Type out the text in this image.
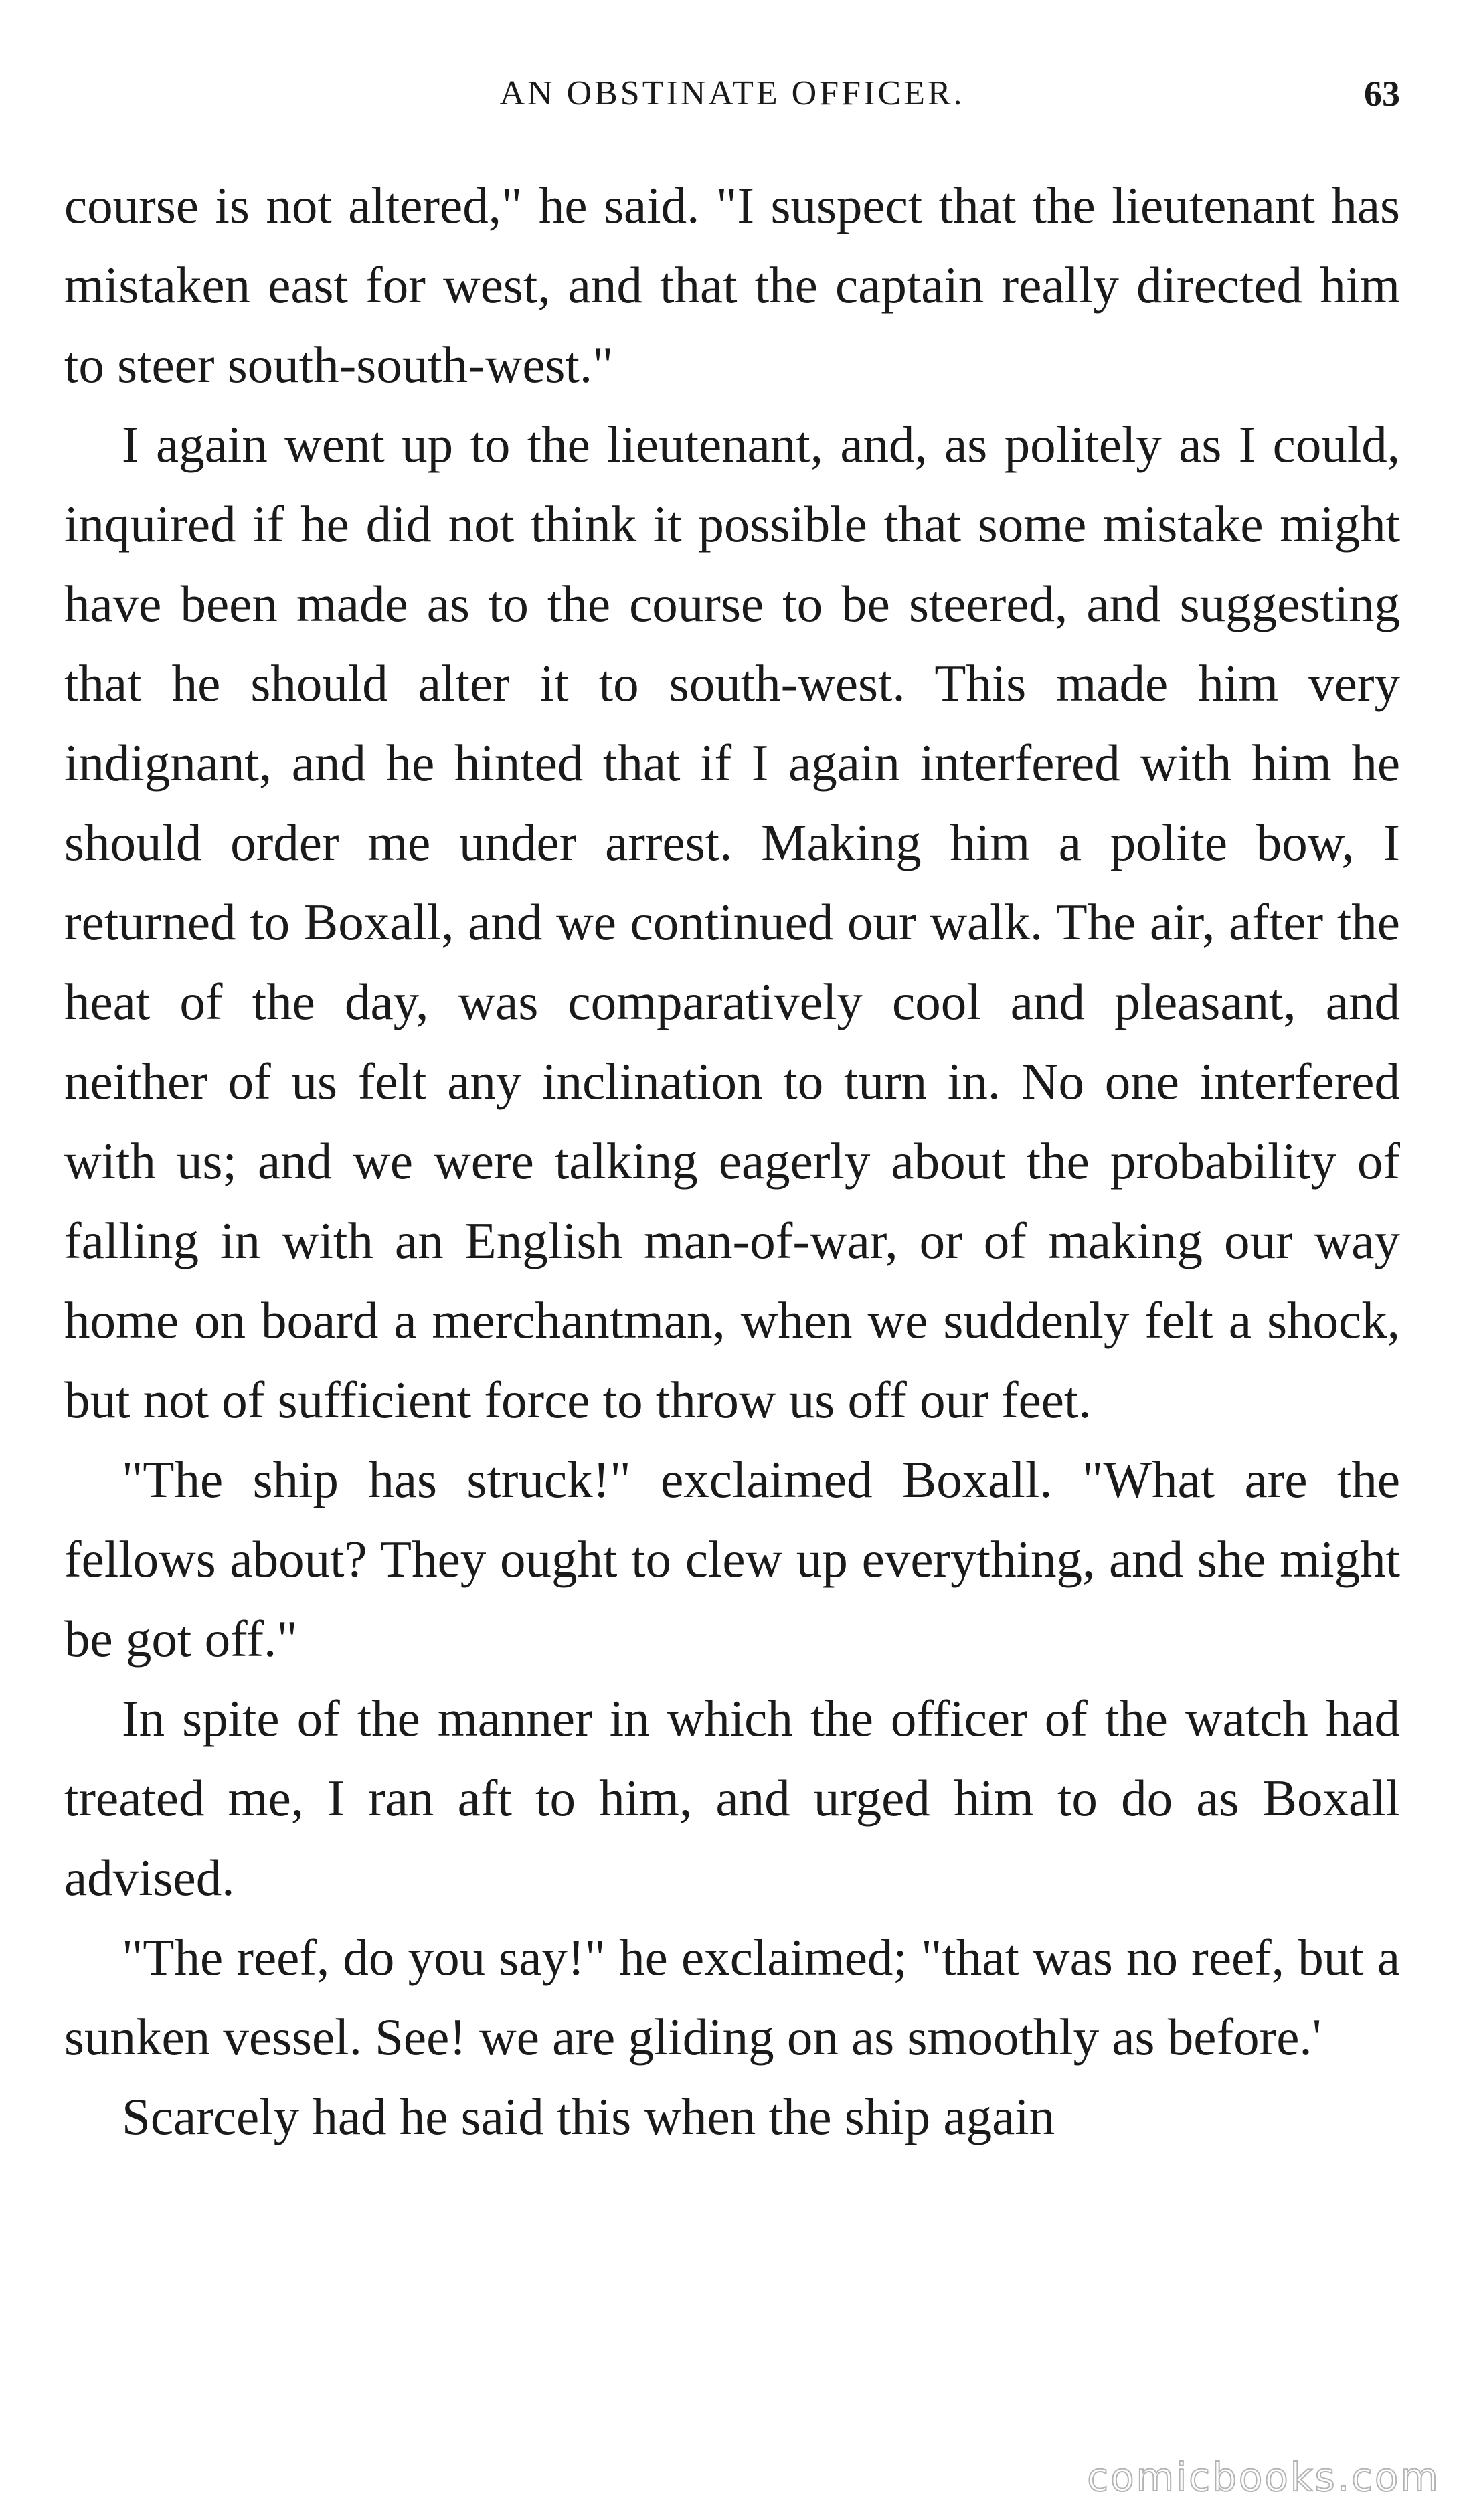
AN OBSTINATE OFFICER.	63

course is not altered," he said. "I suspect that the lieutenant has mistaken east for west, and that the captain really directed him to steer south-south-west."

I again went up to the lieutenant, and, as politely as I could, inquired if he did not think it possible that some mistake might have been made as to the course to be steered, and suggesting that he should alter it to south-west. This made him very indignant, and he hinted that if I again interfered with him he should order me under arrest. Making him a polite bow, I returned to Boxall, and we continued our walk. The air, after the heat of the day, was comparatively cool and pleasant, and neither of us felt any inclination to turn in. No one interfered with us; and we were talking eagerly about the probability of falling in with an English man-of-war, or of making our way home on board a merchantman, when we suddenly felt a shock, but not of sufficient force to throw us off our feet.

"The ship has struck!" exclaimed Boxall. "What are the fellows about? They ought to clew up everything, and she might be got off."

In spite of the manner in which the officer of the watch had treated me, I ran aft to him, and urged him to do as Boxall advised.

"The reef, do you say!" he exclaimed; "that was no reef, but a sunken vessel. See! we are gliding on as smoothly as before.'

Scarcely had he said this when the ship again

comicbooks.com
